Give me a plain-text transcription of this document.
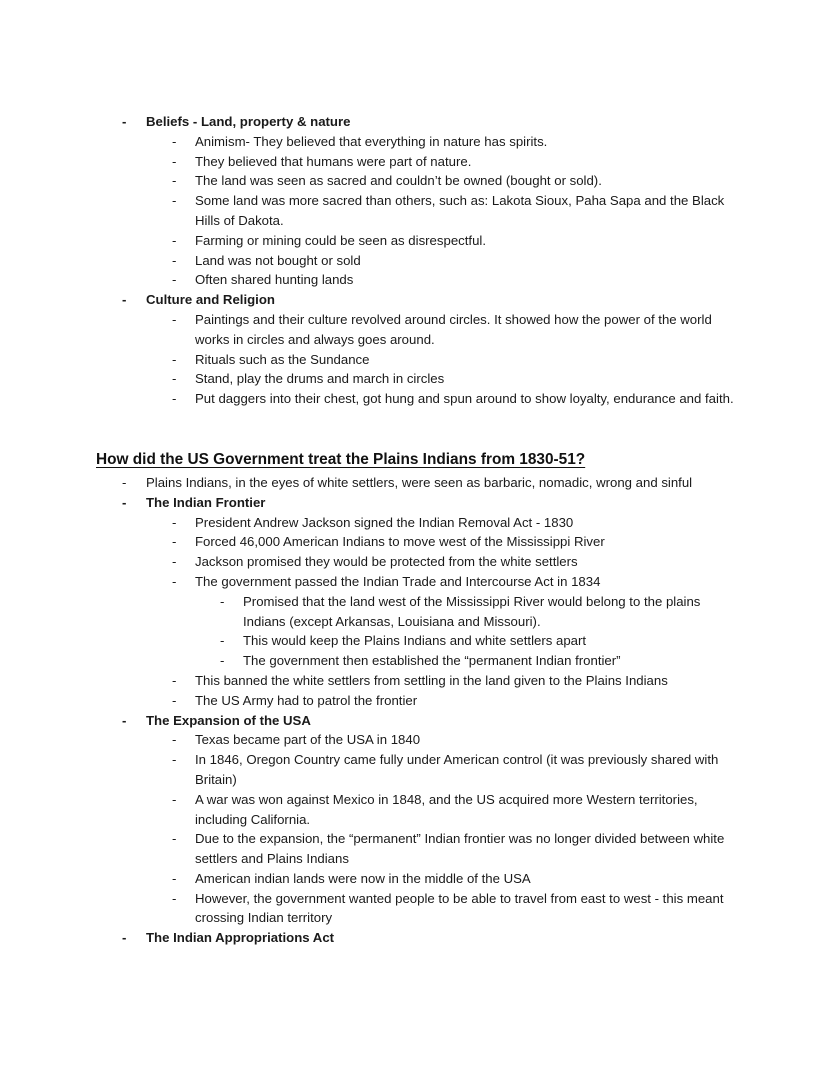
-	Beliefs - Land, property & nature
-	Animism- They believed that everything in nature has spirits.
-	They believed that humans were part of nature.
-	The land was seen as sacred and couldn’t be owned (bought or sold).
-	Some land was more sacred than others, such as: Lakota Sioux, Paha Sapa and the Black Hills of Dakota.
-	Farming or mining could be seen as disrespectful.
-	Land was not bought or sold
-	Often shared hunting lands
-	Culture and Religion
-	Paintings and their culture revolved around circles. It showed how the power of the world works in circles and always goes around.
-	Rituals such as the Sundance
-	Stand, play the drums and march in circles
-	Put daggers into their chest, got hung and spun around to show loyalty, endurance and faith.
How did the US Government treat the Plains Indians from 1830-51?
-	Plains Indians, in the eyes of white settlers, were seen as barbaric, nomadic, wrong and sinful
-	The Indian Frontier
-	President Andrew Jackson signed the Indian Removal Act - 1830
-	Forced 46,000 American Indians to move west of the Mississippi River
-	Jackson promised they would be protected from the white settlers
-	The government passed the Indian Trade and Intercourse Act in 1834
-	Promised that the land west of the Mississippi River would belong to the plains Indians (except Arkansas, Louisiana and Missouri).
-	This would keep the Plains Indians and white settlers apart
-	The government then established the “permanent Indian frontier”
-	This banned the white settlers from settling in the land given to the Plains Indians
-	The US Army had to patrol the frontier
-	The Expansion of the USA
-	Texas became part of the USA in 1840
-	In 1846, Oregon Country came fully under American control (it was previously shared with Britain)
-	A war was won against Mexico in 1848, and the US acquired more Western territories, including California.
-	Due to the expansion, the “permanent” Indian frontier was no longer divided between white settlers and Plains Indians
-	American indian lands were now in the middle of the USA
-	However, the government wanted people to be able to travel from east to west - this meant crossing Indian territory
-	The Indian Appropriations Act
